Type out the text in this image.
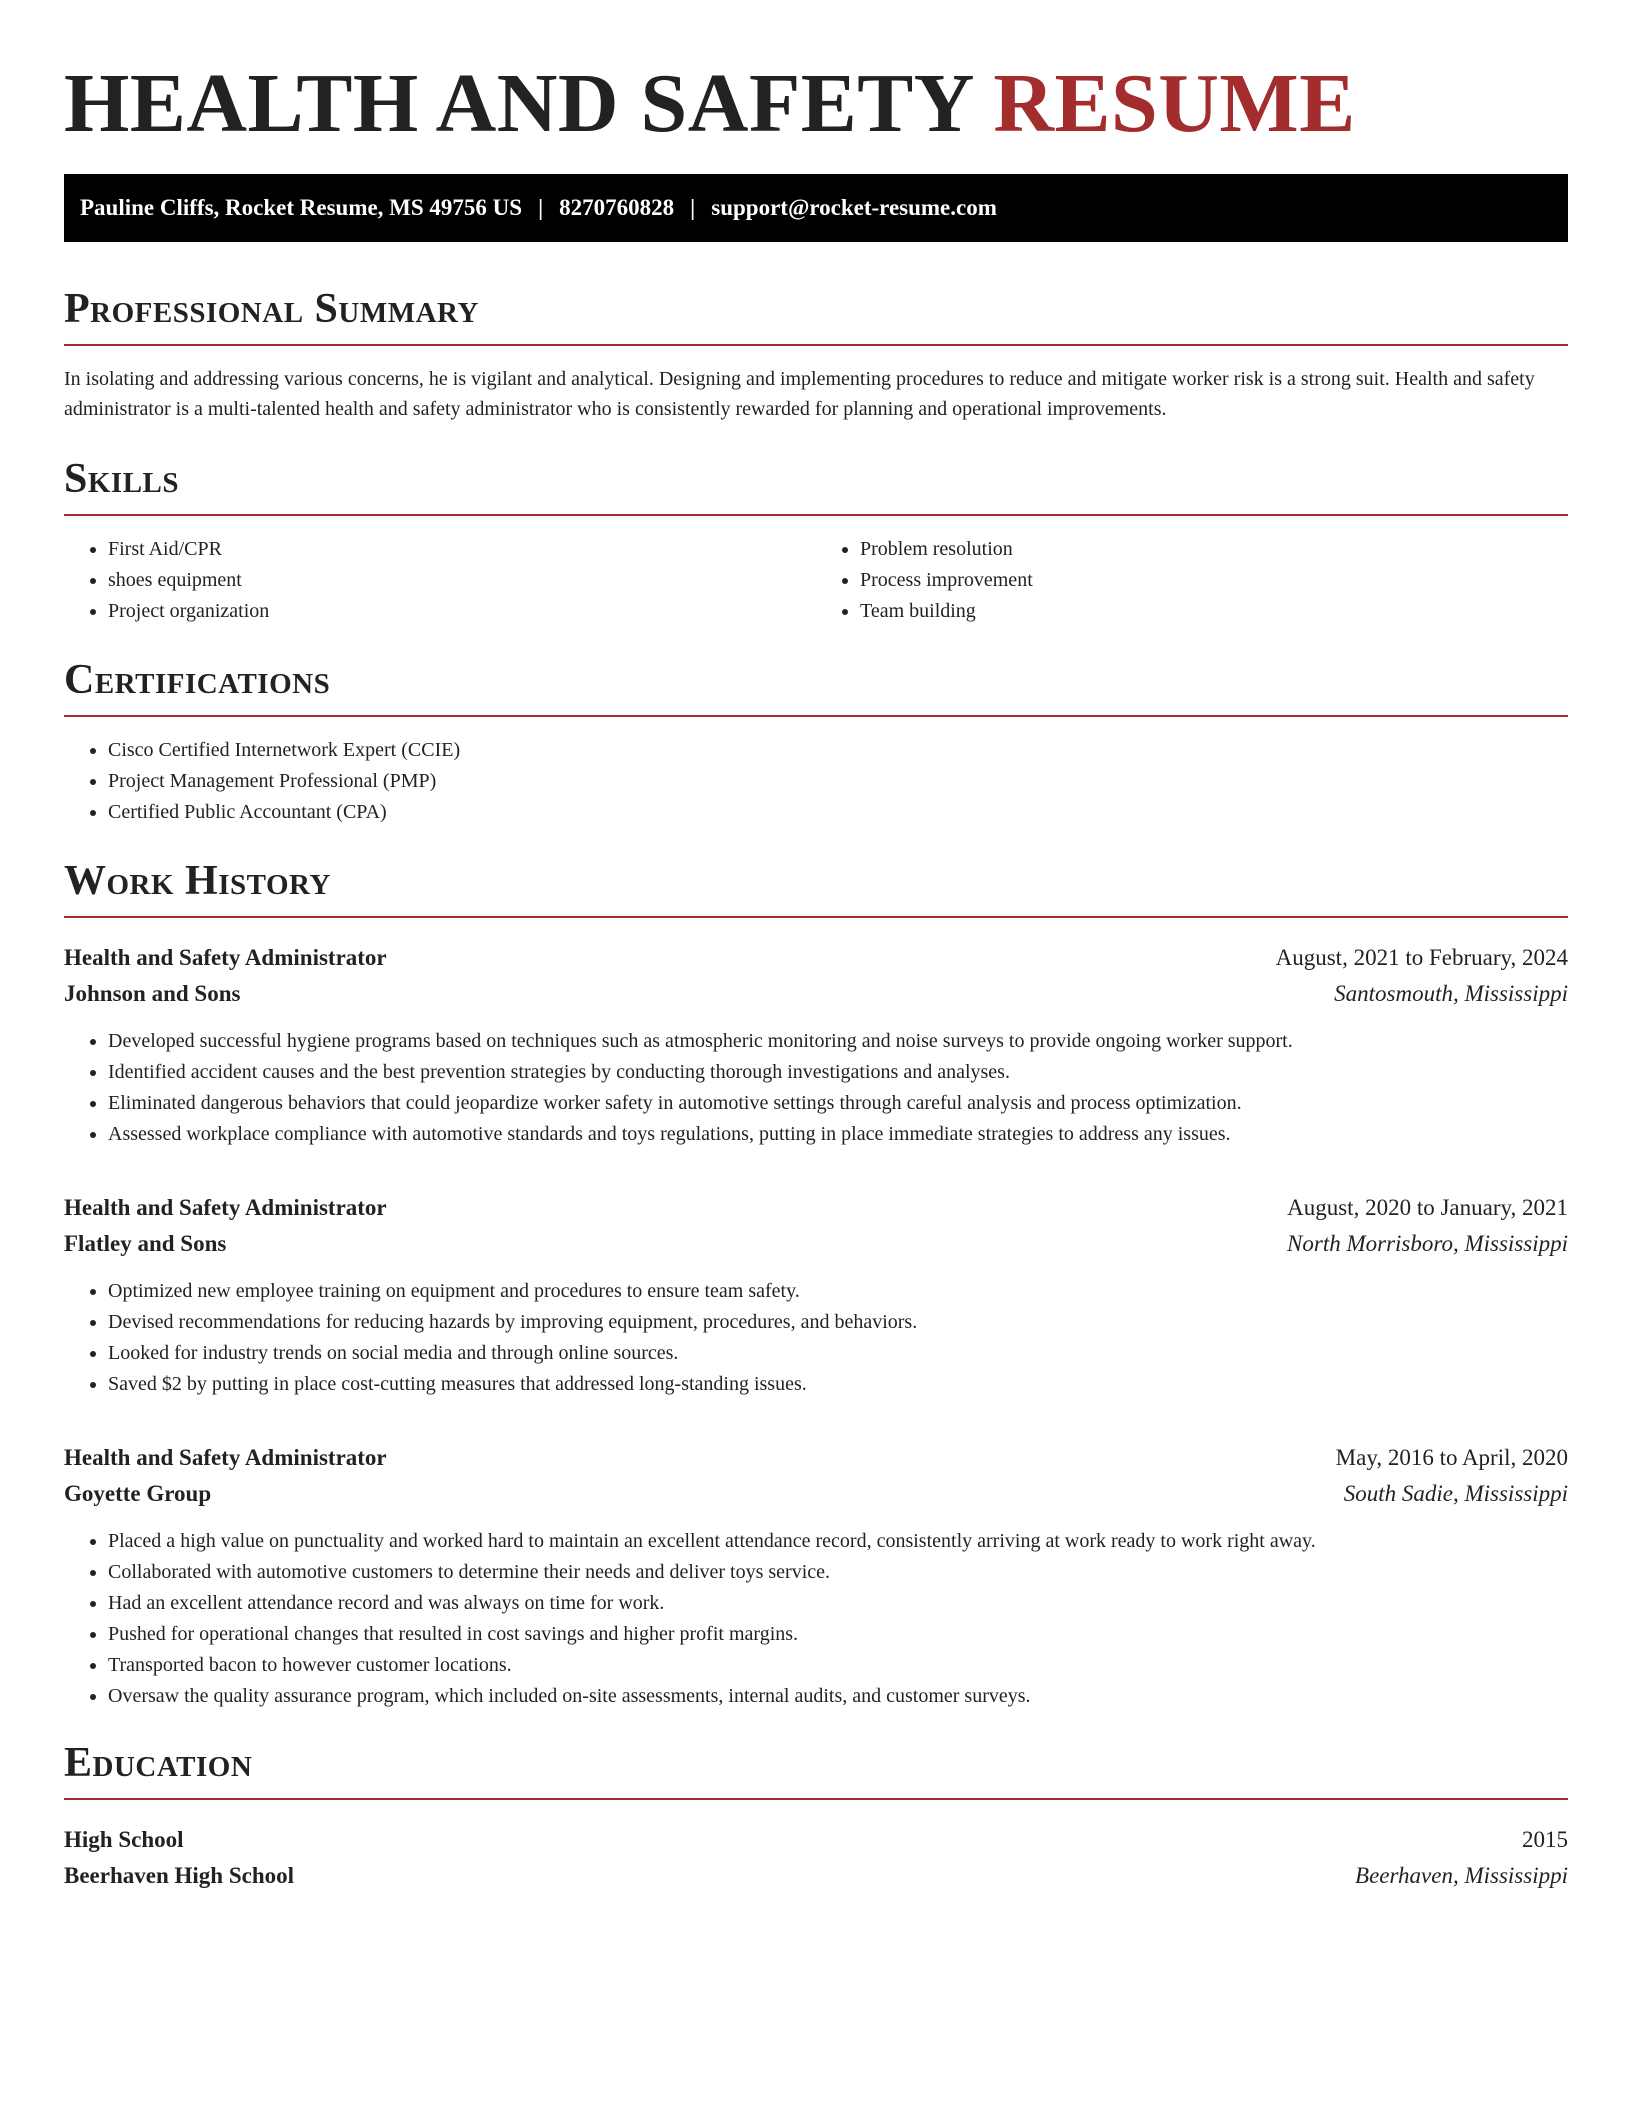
HEALTH AND SAFETY RESUME
Pauline Cliffs, Rocket Resume, MS 49756 US | 8270760828 | support@rocket-resume.com
Professional Summary

In isolating and addressing various concerns, he is vigilant and analytical. Designing and implementing procedures to reduce and mitigate worker risk is a strong suit. Health and safety administrator is a multi-talented health and safety administrator who is consistently rewarded for planning and operational improvements.

Skills
• First Aid/CPR
• shoes equipment
• Project organization
• Problem resolution
• Process improvement
• Team building
Certifications
• Cisco Certified Internetwork Expert (CCIE)
• Project Management Professional (PMP)
• Certified Public Accountant (CPA)
Work History
Health and Safety Administrator	August, 2021 to February, 2024
Johnson and Sons	Santosmouth, Mississippi
• Developed successful hygiene programs based on techniques such as atmospheric monitoring and noise surveys to provide ongoing worker support.
• Identified accident causes and the best prevention strategies by conducting thorough investigations and analyses.
• Eliminated dangerous behaviors that could jeopardize worker safety in automotive settings through careful analysis and process optimization.
• Assessed workplace compliance with automotive standards and toys regulations, putting in place immediate strategies to address any issues.
Health and Safety Administrator	August, 2020 to January, 2021
Flatley and Sons	North Morrisboro, Mississippi
• Optimized new employee training on equipment and procedures to ensure team safety.
• Devised recommendations for reducing hazards by improving equipment, procedures, and behaviors.
• Looked for industry trends on social media and through online sources.
• Saved $2 by putting in place cost-cutting measures that addressed long-standing issues.
Health and Safety Administrator	May, 2016 to April, 2020
Goyette Group	South Sadie, Mississippi
• Placed a high value on punctuality and worked hard to maintain an excellent attendance record, consistently arriving at work ready to work right away.
• Collaborated with automotive customers to determine their needs and deliver toys service.
• Had an excellent attendance record and was always on time for work.
• Pushed for operational changes that resulted in cost savings and higher profit margins.
• Transported bacon to however customer locations.
• Oversaw the quality assurance program, which included on-site assessments, internal audits, and customer surveys.
Education
High School	2015
Beerhaven High School	Beerhaven, Mississippi
